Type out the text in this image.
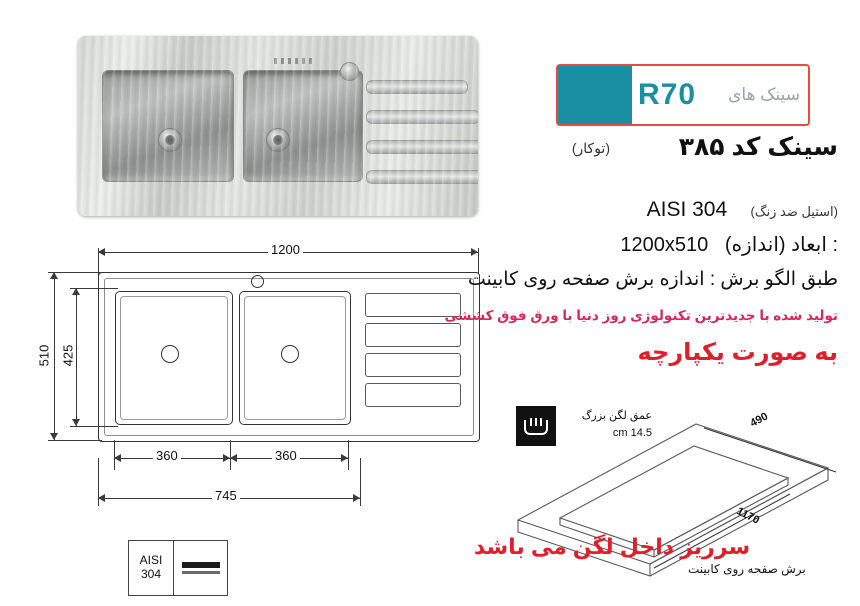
1200
510 425
360	360
745
AISI
304
R70 سینک های
سینک کد ۳۸۵
(توکار)
(استیل ضد زنگ)    AISI 304
: ابعاد (اندازه)   1200x510
طبق الگو برش : اندازه برش صفحه روی کابینت
تولید شده با جدیدترین تکنولوژی روز دنیا با ورق فوق کششی
به صورت یکپارچه
عمق لگن بزرگ
14.5 cm
490
1170
برش صفحه روی کابینت
سرریز داخل لگن می باشد
